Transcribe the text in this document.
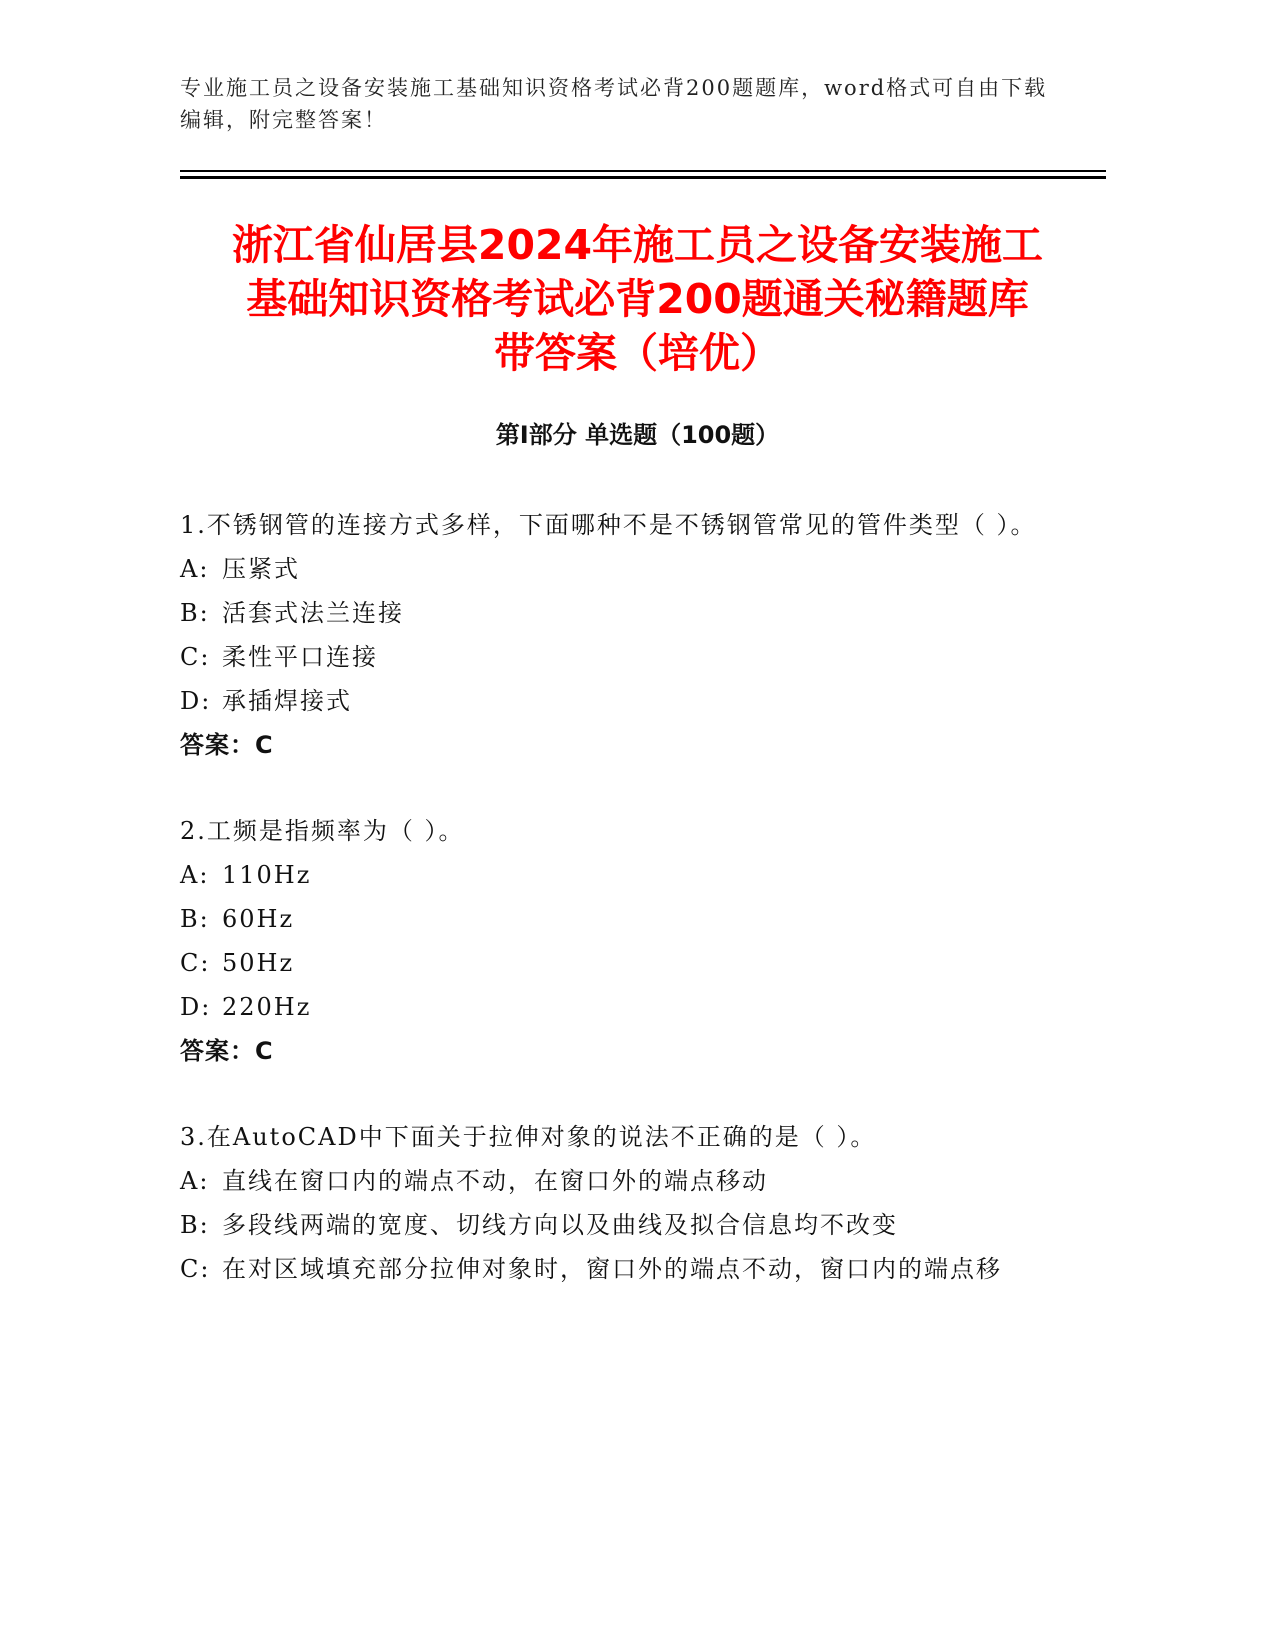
专业施工员之设备安装施工基础知识资格考试必背200题题库，word格式可自由下载编辑，附完整答案！
浙江省仙居县2024年施工员之设备安装施工
基础知识资格考试必背200题通关秘籍题库
带答案（培优）
第Ⅰ部分 单选题（100题）

1.不锈钢管的连接方式多样，下面哪种不是不锈钢管常见的管件类型（ ）。

A: 压紧式
B: 活套式法兰连接
C: 柔性平口连接
D: 承插焊接式
答案：C

2.工频是指频率为（ ）。

A: 110Hz
B: 60Hz
C: 50Hz
D: 220Hz
答案：C

3.在AutoCAD中下面关于拉伸对象的说法不正确的是（ ）。

A: 直线在窗口内的端点不动，在窗口外的端点移动
B: 多段线两端的宽度、切线方向以及曲线及拟合信息均不改变
C: 在对区域填充部分拉伸对象时，窗口外的端点不动，窗口内的端点移
